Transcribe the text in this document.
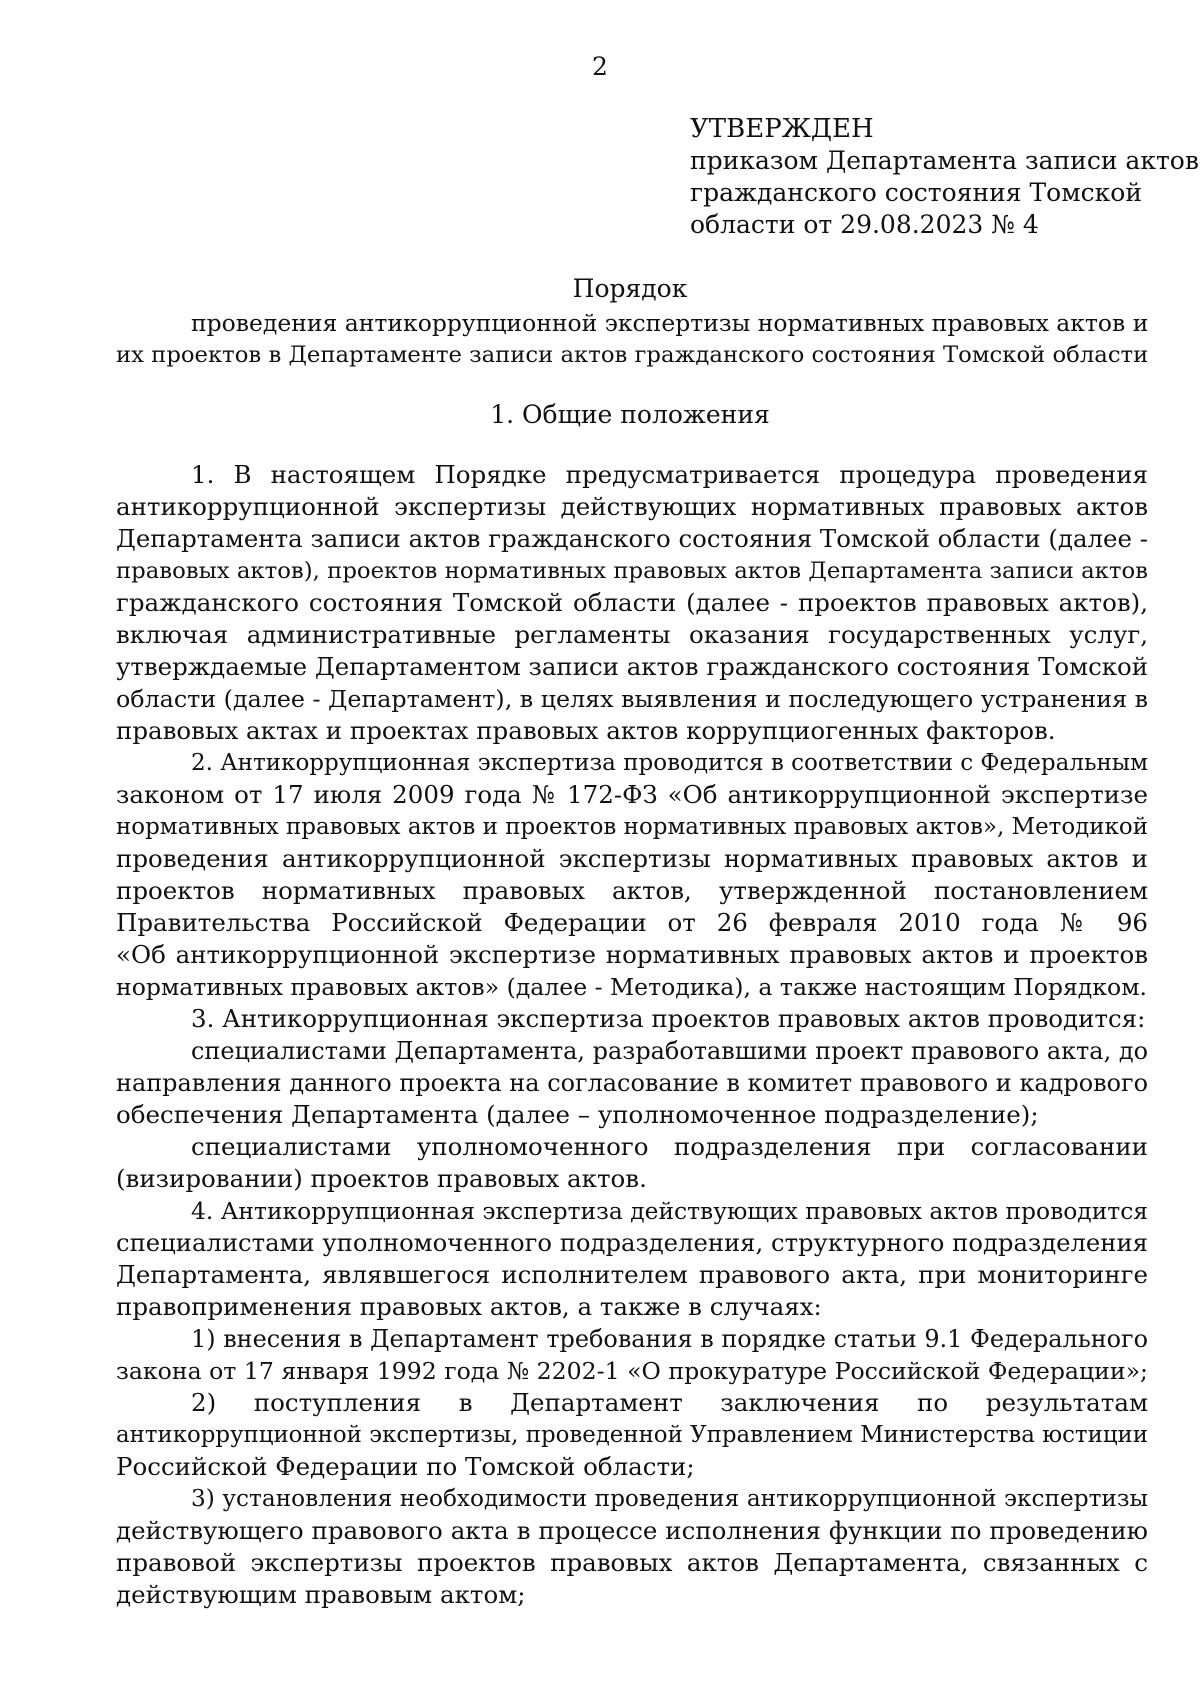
2
УТВЕРЖДЕН
приказом Департамента записи актов
гражданского состояния Томской
области от 29.08.2023 № 4
Порядок
проведения антикоррупционной экспертизы нормативных правовых актов и
их проектов в Департаменте записи актов гражданского состояния Томской области
1. Общие положения
1. В настоящем Порядке предусматривается процедура проведения
антикоррупционной экспертизы действующих нормативных правовых актов
Департамента записи актов гражданского состояния Томской области (далее -
правовых актов), проектов нормативных правовых актов Департамента записи актов
гражданского состояния Томской области (далее - проектов правовых актов),
включая административные регламенты оказания государственных услуг,
утверждаемые Департаментом записи актов гражданского состояния Томской
области (далее - Департамент), в целях выявления и последующего устранения в
правовых актах и проектах правовых актов коррупциогенных факторов.
2. Антикоррупционная экспертиза проводится в соответствии с Федеральным
законом от 17 июля 2009 года № 172-ФЗ «Об антикоррупционной экспертизе
нормативных правовых актов и проектов нормативных правовых актов», Методикой
проведения антикоррупционной экспертизы нормативных правовых актов и
проектов нормативных правовых актов, утвержденной постановлением
Правительства Российской Федерации от 26 февраля 2010 года № 96
«Об антикоррупционной экспертизе нормативных правовых актов и проектов
нормативных правовых актов» (далее - Методика), а также настоящим Порядком.
3. Антикоррупционная экспертиза проектов правовых актов проводится:
специалистами Департамента, разработавшими проект правового акта, до
направления данного проекта на согласование в комитет правового и кадрового
обеспечения Департамента (далее – уполномоченное подразделение);
специалистами уполномоченного подразделения при согласовании
(визировании) проектов правовых актов.
4. Антикоррупционная экспертиза действующих правовых актов проводится
специалистами уполномоченного подразделения, структурного подразделения
Департамента, являвшегося исполнителем правового акта, при мониторинге
правоприменения правовых актов, а также в случаях:
1) внесения в Департамент требования в порядке статьи 9.1 Федерального
закона от 17 января 1992 года № 2202-1 «О прокуратуре Российской Федерации»;
2) поступления в Департамент заключения по результатам
антикоррупционной экспертизы, проведенной Управлением Министерства юстиции
Российской Федерации по Томской области;
3) установления необходимости проведения антикоррупционной экспертизы
действующего правового акта в процессе исполнения функции по проведению
правовой экспертизы проектов правовых актов Департамента, связанных с
действующим правовым актом;
